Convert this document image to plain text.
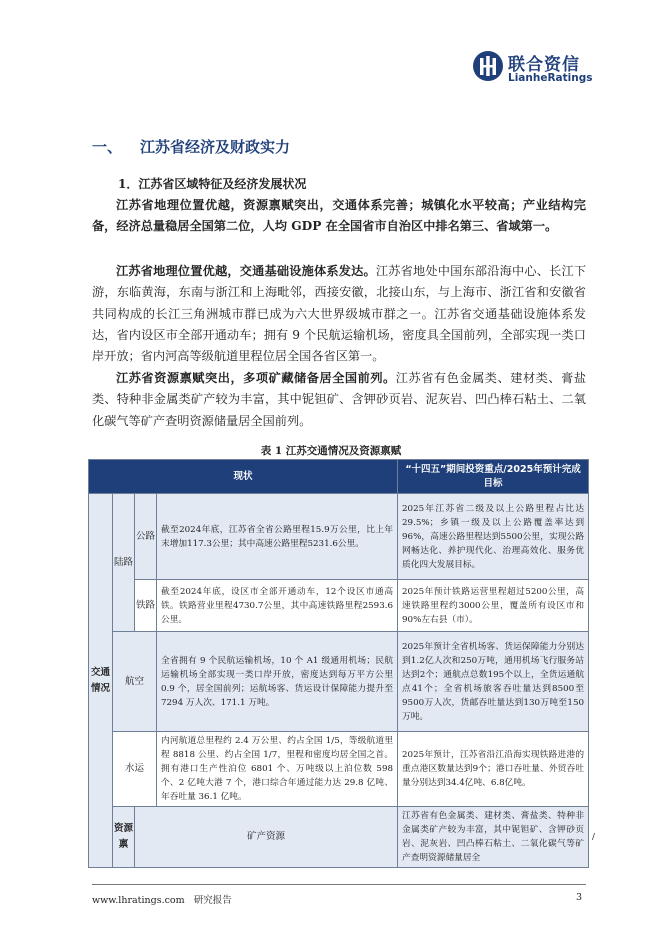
联合资信
LianheRatings
一、 江苏省经济及财政实力
1．江苏省区域特征及经济发展状况
江苏省地理位置优越，资源禀赋突出，交通体系完善；城镇化水平较高；产业结构完备，经济总量稳居全国第二位，人均 GDP 在全国省市自治区中排名第三、省域第一。
江苏省地理位置优越，交通基础设施体系发达。江苏省地处中国东部沿海中心、长江下游，东临黄海，东南与浙江和上海毗邻，西接安徽，北接山东，与上海市、浙江省和安徽省共同构成的长江三角洲城市群已成为六大世界级城市群之一。江苏省交通基础设施体系发达，省内设区市全部开通动车；拥有 9 个民航运输机场，密度具全国前列，全部实现一类口岸开放；省内河高等级航道里程位居全国各省区第一。
江苏省资源禀赋突出，多项矿藏储备居全国前列。江苏省有色金属类、建材类、膏盐类、特种非金属类矿产较为丰富，其中铌钽矿、含钾砂页岩、泥灰岩、凹凸棒石粘土、二氧化碳气等矿产查明资源储量居全国前列。
表 1 江苏交通情况及资源禀赋
现状				“十四五”期间投资重点/2025年预计完成目标	
交通情况	陆路	公路	截至2024年底，江苏省全省公路里程15.9万公里，比上年末增加117.3公里；其中高速公路里程5231.6公里。	2025年江苏省二级及以上公路里程占比达29.5%；乡镇一级及以上公路覆盖率达到96%，高速公路里程达到5500公里，实现公路网畅达化、养护现代化、治理高效化、服务优质化四大发展目标。	
		铁路	截至2024年底，设区市全部开通动车，12个设区市通高铁。铁路营业里程4730.7公里，其中高速铁路里程2593.6公里。	2025年预计铁路运营里程超过5200公里，高速铁路里程约3000公里，覆盖所有设区市和90%左右县（市）。	
	航空		全省拥有 9 个民航运输机场，10 个 A1 级通用机场；民航运输机场全部实现一类口岸开放，密度达到每万平方公里 0.9 个，居全国前列；运航场客、货运设计保障能力提升至 7294 万人次、171.1 万吨。	2025年预计全省机场客、货运保障能力分别达到1.2亿人次和250万吨，通用机场飞行服务站达到2个；通航点总数195个以上，全货运通航点41个；全省机场旅客吞吐量达到8500至9500万人次，货邮吞吐量达到130万吨至150万吨。	
	水运		内河航道总里程约 2.4 万公里、约占全国 1/5，等级航道里程 8818 公里、约占全国 1/7，里程和密度均居全国之首。拥有港口生产性泊位 6801 个、万吨级以上泊位数 598 个、2 亿吨大港 7 个，港口综合年通过能力达 29.8 亿吨、年吞吐量 36.1 亿吨。	2025年预计，江苏省沿江沿海实现铁路进港的重点港区数量达到9个；港口吞吐量、外贸吞吐量分别达到34.4亿吨、6.8亿吨。	
	资源禀	矿产资源		江苏省有色金属类、建材类、膏盐类、特种非金属类矿产较为丰富，其中铌钽矿、含钾砂页岩、泥灰岩、凹凸棒石粘土、二氧化碳气等矿产查明资源储量居全	/
www.lhratings.com 研究报告	3
